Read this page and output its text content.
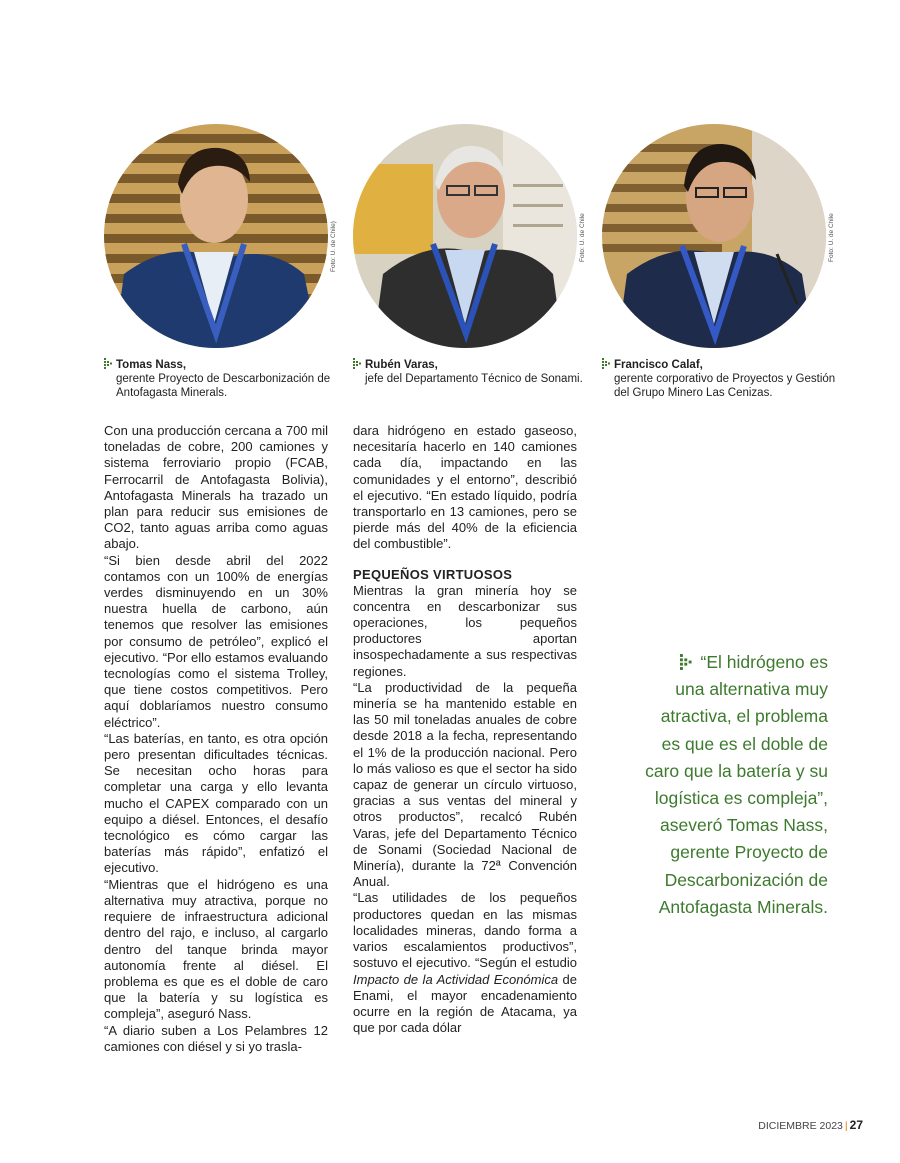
Foto: U. de Chile)	Foto: U. de Chile	Foto: U. de Chile
Tomas Nass,
gerente Proyecto de Descarbonización de
Antofagasta Minerals.
Rubén Varas,
jefe del Departamento Técnico de Sonami.
Francisco Calaf,
gerente corporativo de Proyectos y Gestión
del Grupo Minero Las Cenizas.

Con una producción cercana a 700 mil toneladas de cobre, 200 camiones y sistema ferroviario propio (FCAB, Ferrocarril de Antofagasta Bolivia), Antofagasta Minerals ha trazado un plan para reducir sus emisiones de CO2, tanto aguas arriba como aguas abajo.

“Si bien desde abril del 2022 contamos con un 100% de energías verdes disminuyendo en un 30% nuestra huella de carbono, aún tenemos que resolver las emisiones por consumo de petróleo”, explicó el ejecutivo. “Por ello estamos evaluando tecnologías como el sistema Trolley, que tiene costos competitivos. Pero aquí doblaríamos nuestro consumo eléctrico”.

“Las baterías, en tanto, es otra opción pero presentan dificultades técnicas. Se necesitan ocho horas para completar una carga y ello levanta mucho el CAPEX comparado con un equipo a diésel. Entonces, el desafío tecnológico es cómo cargar las baterías más rápido”, enfatizó el ejecutivo.

“Mientras que el hidrógeno es una alternativa muy atractiva, porque no requiere de infraestructura adicional dentro del rajo, e incluso, al cargarlo dentro del tanque brinda mayor autonomía frente al diésel. El problema es que es el doble de caro que la batería y su logística es compleja”, aseguró Nass.

“A diario suben a Los Pelambres 12 camiones con diésel y si yo trasla-

dara hidrógeno en estado gaseoso, necesitaría hacerlo en 140 camiones cada día, impactando en las comunidades y el entorno”, describió el ejecutivo. “En estado líquido, podría transportarlo en 13 camiones, pero se pierde más del 40% de la eficiencia del combustible”.

PEQUEÑOS VIRTUOSOS

Mientras la gran minería hoy se concentra en descarbonizar sus operaciones, los pequeños productores aportan insospechadamente a sus respectivas regiones.

“La productividad de la pequeña minería se ha mantenido estable en las 50 mil toneladas anuales de cobre desde 2018 a la fecha, representando el 1% de la producción nacional. Pero lo más valioso es que el sector ha sido capaz de generar un círculo virtuoso, gracias a sus ventas del mineral y otros productos”, recalcó Rubén Varas, jefe del Departamento Técnico de Sonami (Sociedad Nacional de Minería), durante la 72ª Convención Anual.

“Las utilidades de los pequeños productores quedan en las mismas localidades mineras, dando forma a varios escalamientos productivos”, sostuvo el ejecutivo. “Según el estudio Impacto de la Actividad Económica de Enami, el mayor encadenamiento ocurre en la región de Atacama, ya que por cada dólar

“El hidrógeno es
una alternativa muy
atractiva, el problema
es que es el doble de
caro que la batería y su
logística es compleja”,
aseveró Tomas Nass,
gerente Proyecto de
Descarbonización de
Antofagasta Minerals.
DICIEMBRE 2023 | 27
